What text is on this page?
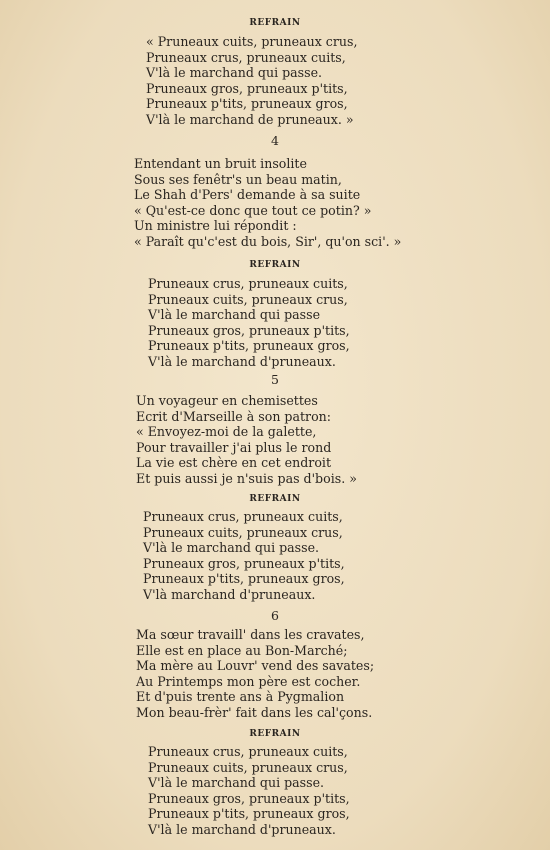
REFRAIN
« Pruneaux cuits, pruneaux crus,
Pruneaux crus, pruneaux cuits,
V'là le marchand qui passe.
Pruneaux gros, pruneaux p'tits,
Pruneaux p'tits, pruneaux gros,
V'là le marchand de pruneaux. »
4
Entendant un bruit insolite
Sous ses fenêtr's un beau matin,
Le Shah d'Pers' demande à sa suite
« Qu'est-ce donc que tout ce potin? »
Un ministre lui répondit :
« Paraît qu'c'est du bois, Sir', qu'on sci'. »
REFRAIN
Pruneaux crus, pruneaux cuits,
Pruneaux cuits, pruneaux crus,
V'là le marchand qui passe
Pruneaux gros, pruneaux p'tits,
Pruneaux p'tits, pruneaux gros,
V'là le marchand d'pruneaux.
5
Un voyageur en chemisettes
Ecrit d'Marseille à son patron:
« Envoyez-moi de la galette,
Pour travailler j'ai plus le rond
La vie est chère en cet endroit
Et puis aussi je n'suis pas d'bois. »
REFRAIN
Pruneaux crus, pruneaux cuits,
Pruneaux cuits, pruneaux crus,
V'là le marchand qui passe.
Pruneaux gros, pruneaux p'tits,
Pruneaux p'tits, pruneaux gros,
V'là marchand d'pruneaux.
6
Ma sœur travaill' dans les cravates,
Elle est en place au Bon-Marché;
Ma mère au Louvr' vend des savates;
Au Printemps mon père est cocher.
Et d'puis trente ans à Pygmalion
Mon beau-frèr' fait dans les cal'çons.
REFRAIN
Pruneaux crus, pruneaux cuits,
Pruneaux cuits, pruneaux crus,
V'là le marchand qui passe.
Pruneaux gros, pruneaux p'tits,
Pruneaux p'tits, pruneaux gros,
V'là le marchand d'pruneaux.
